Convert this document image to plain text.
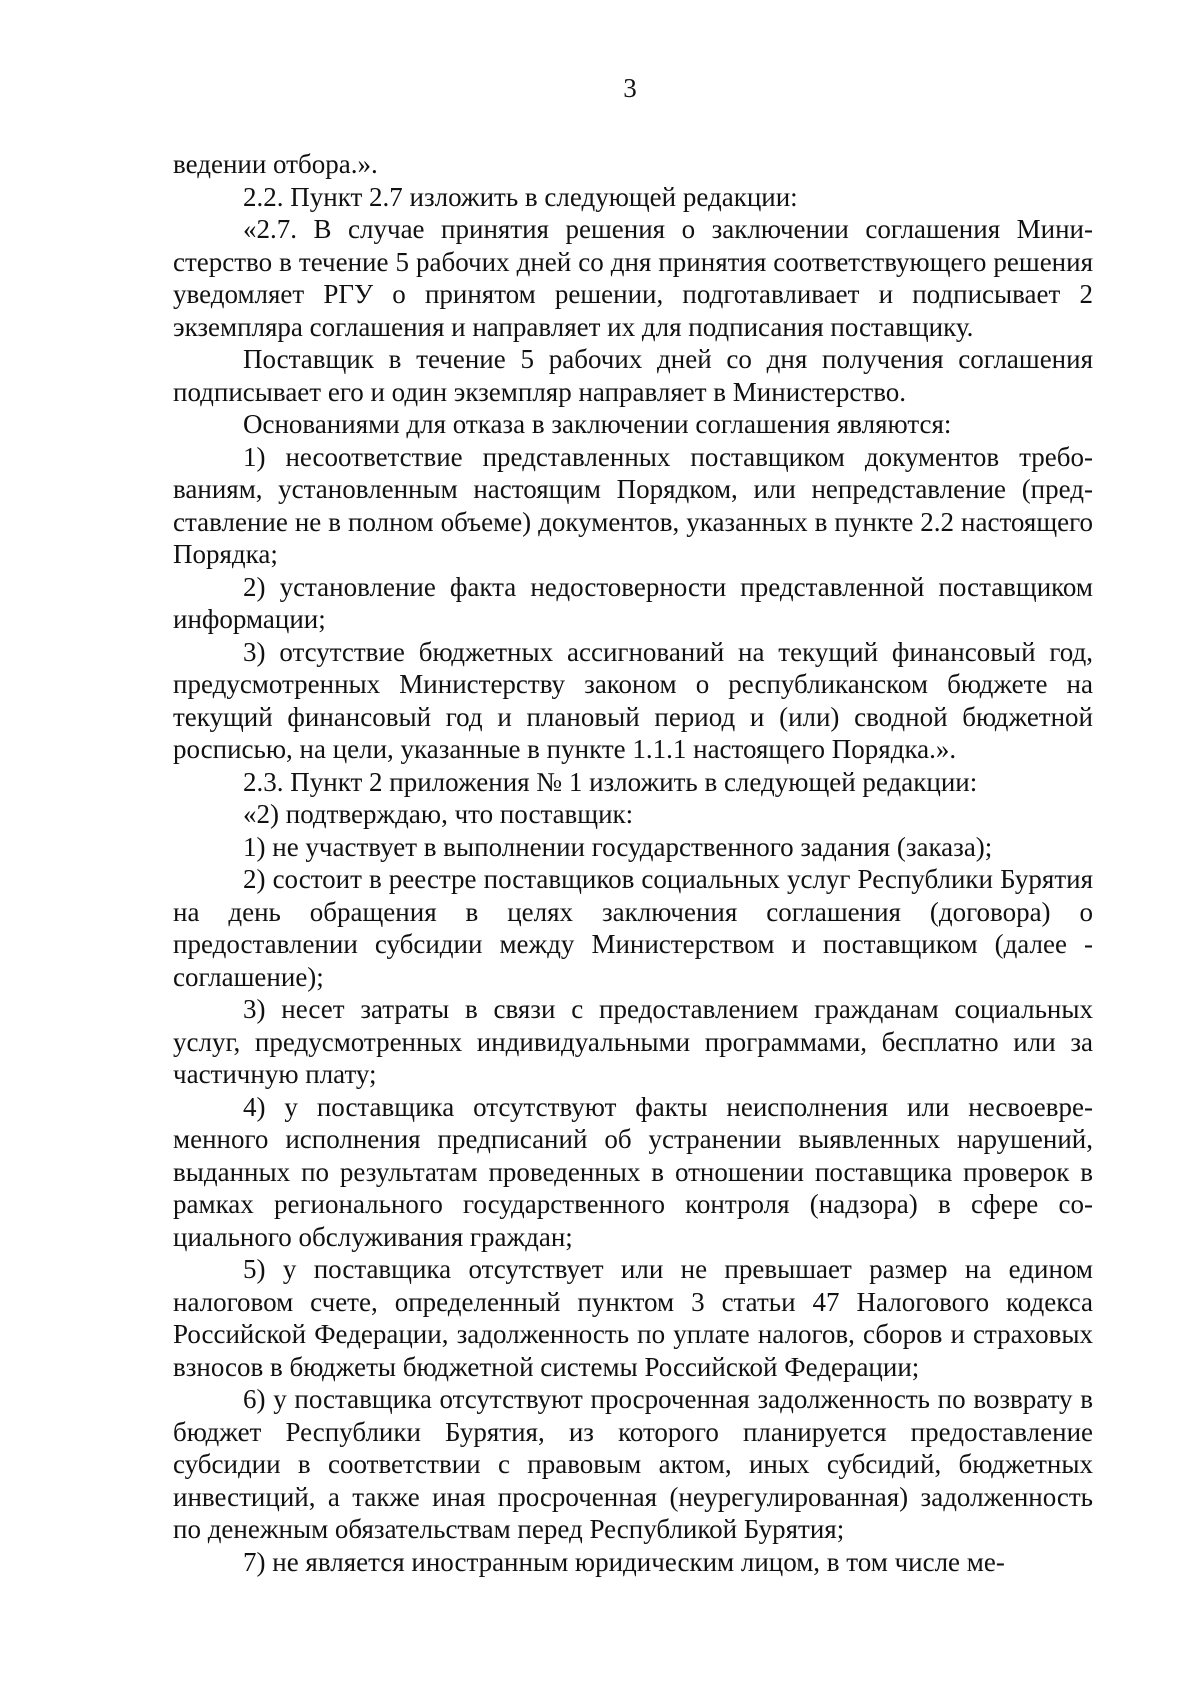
3

ведении отбора.».

2.2. Пункт 2.7 изложить в следующей редакции:

«2.7. В случае принятия решения о заключении соглашения Министерство в течение 5 рабочих дней со дня принятия соответствующего решения уведомляет РГУ о принятом решении, подготавливает и подписывает 2 экземпляра соглашения и направляет их для подписания поставщику.

Поставщик в течение 5 рабочих дней со дня получения соглашения подписывает его и один экземпляр направляет в Министерство.

Основаниями для отказа в заключении соглашения являются:

1) несоответствие представленных поставщиком документов требованиям, установленным настоящим Порядком, или непредставление (представление не в полном объеме) документов, указанных в пункте 2.2 настоящего Порядка;

2) установление факта недостоверности представленной поставщиком информации;

3) отсутствие бюджетных ассигнований на текущий финансовый год, предусмотренных Министерству законом о республиканском бюджете на текущий финансовый год и плановый период и (или) сводной бюджетной росписью, на цели, указанные в пункте 1.1.1 настоящего Порядка.».

2.3. Пункт 2 приложения № 1 изложить в следующей редакции:

«2) подтверждаю, что поставщик:

1) не участвует в выполнении государственного задания (заказа);

2) состоит в реестре поставщиков социальных услуг Республики Бурятия на день обращения в целях заключения соглашения (договора) о предоставлении субсидии между Министерством и поставщиком (далее - соглашение);

3) несет затраты в связи с предоставлением гражданам социальных услуг, предусмотренных индивидуальными программами, бесплатно или за частичную плату;

4) у поставщика отсутствуют факты неисполнения или несвоевременного исполнения предписаний об устранении выявленных нарушений, выданных по результатам проведенных в отношении поставщика проверок в рамках регионального государственного контроля (надзора) в сфере социального обслуживания граждан;

5) у поставщика отсутствует или не превышает размер на едином налоговом счете, определенный пунктом 3 статьи 47 Налогового кодекса Российской Федерации, задолженность по уплате налогов, сборов и страховых взносов в бюджеты бюджетной системы Российской Федерации;

6) у поставщика отсутствуют просроченная задолженность по возврату в бюджет Республики Бурятия, из которого планируется предоставление субсидии в соответствии с правовым актом, иных субсидий, бюджетных инвестиций, а также иная просроченная (неурегулированная) задолженность по денежным обязательствам перед Республикой Бурятия;

7) не является иностранным юридическим лицом, в том числе ме-
